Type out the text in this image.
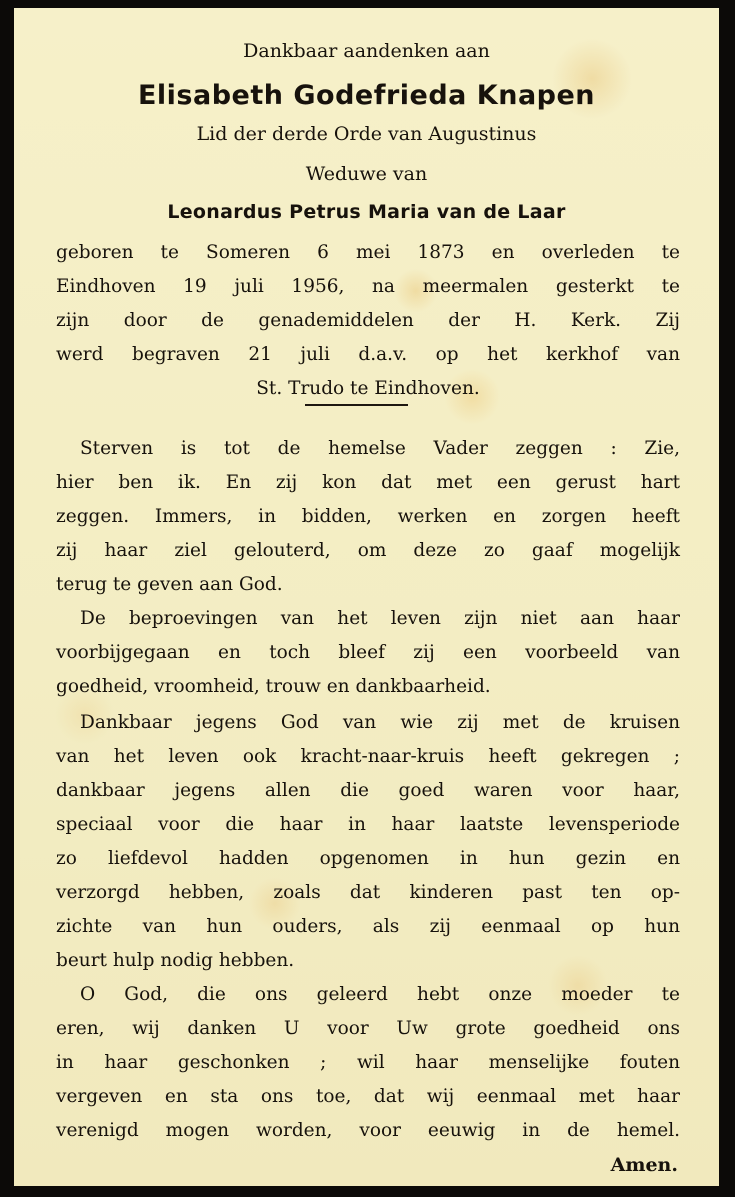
Dankbaar aandenken aan

Elisabeth Godefrieda Knapen

Lid der derde Orde van Augustinus

Weduwe van

Leonardus Petrus Maria van de Laar

geboren te Someren 6 mei 1873 en overleden te

Eindhoven 19 juli 1956, na meermalen gesterkt te

zijn door de genademiddelen der H. Kerk. Zij

werd begraven 21 juli d.a.v. op het kerkhof van

St. Trudo te Eindhoven.

Sterven is tot de hemelse Vader zeggen : Zie,

hier ben ik. En zij kon dat met een gerust hart

zeggen. Immers, in bidden, werken en zorgen heeft

zij haar ziel gelouterd, om deze zo gaaf mogelijk

terug te geven aan God.

De beproevingen van het leven zijn niet aan haar

voorbijgegaan en toch bleef zij een voorbeeld van

goedheid, vroomheid, trouw en dankbaarheid.

Dankbaar jegens God van wie zij met de kruisen

van het leven ook kracht-naar-kruis heeft gekregen ;

dankbaar jegens allen die goed waren voor haar,

speciaal voor die haar in haar laatste levensperiode

zo liefdevol hadden opgenomen in hun gezin en

verzorgd hebben, zoals dat kinderen past ten op-

zichte van hun ouders, als zij eenmaal op hun

beurt hulp nodig hebben.

O God, die ons geleerd hebt onze moeder te

eren, wij danken U voor Uw grote goedheid ons

in haar geschonken ; wil haar menselijke fouten

vergeven en sta ons toe, dat wij eenmaal met haar

verenigd mogen worden, voor eeuwig in de hemel.

Amen.
